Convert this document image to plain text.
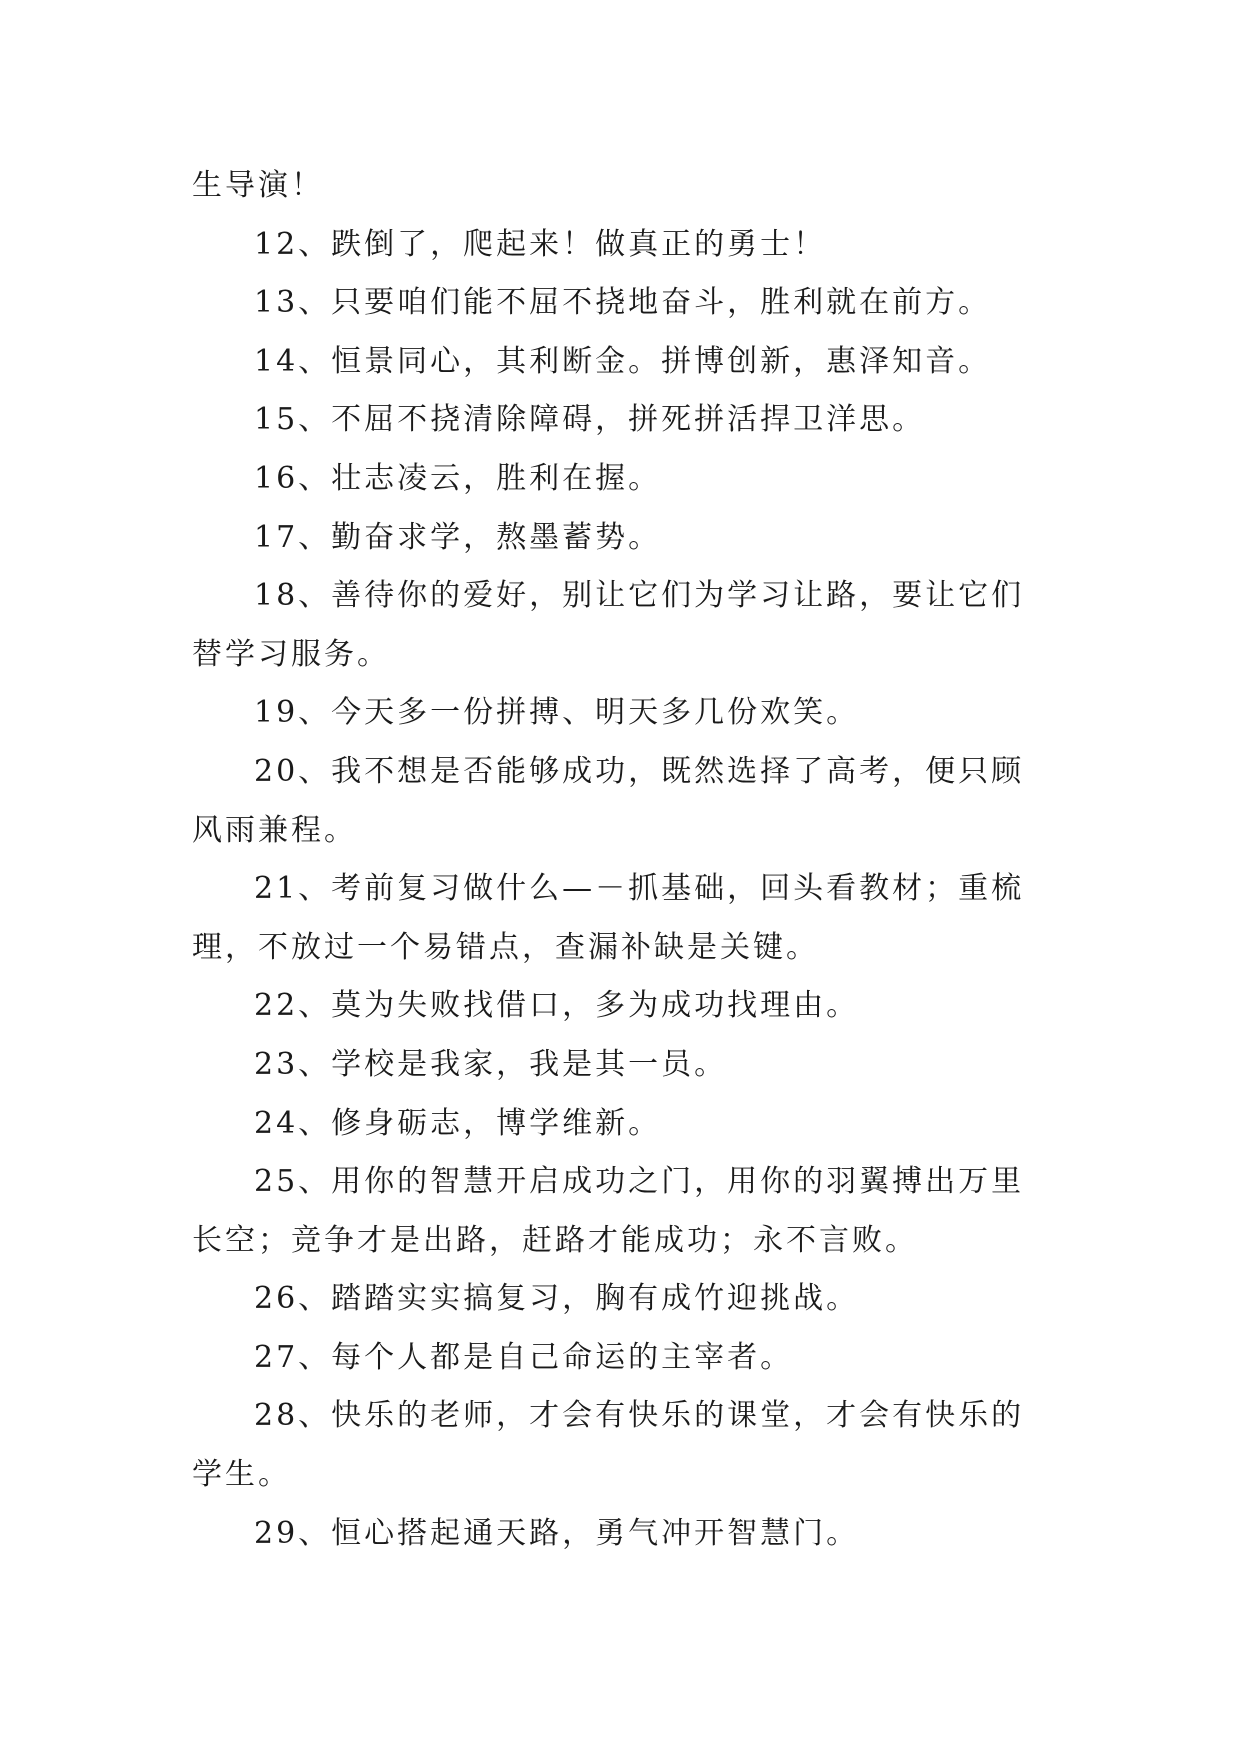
生导演！

12、跌倒了，爬起来！做真正的勇士！

13、只要咱们能不屈不挠地奋斗，胜利就在前方。

14、恒景同心，其利断金。拼博创新，惠泽知音。

15、不屈不挠清除障碍，拼死拼活捍卫洋思。

16、壮志凌云，胜利在握。

17、勤奋求学，熬墨蓄势。

18、善待你的爱好，别让它们为学习让路，要让它们替学习服务。

19、今天多一份拼搏、明天多几份欢笑。

20、我不想是否能够成功，既然选择了高考，便只顾风雨兼程。

21、考前复习做什么—－抓基础，回头看教材；重梳理，不放过一个易错点，查漏补缺是关键。

22、莫为失败找借口，多为成功找理由。

23、学校是我家，我是其一员。

24、修身砺志，博学维新。

25、用你的智慧开启成功之门，用你的羽翼搏出万里长空；竞争才是出路，赶路才能成功；永不言败。

26、踏踏实实搞复习，胸有成竹迎挑战。

27、每个人都是自己命运的主宰者。

28、快乐的老师，才会有快乐的课堂，才会有快乐的学生。

29、恒心搭起通天路，勇气冲开智慧门。
